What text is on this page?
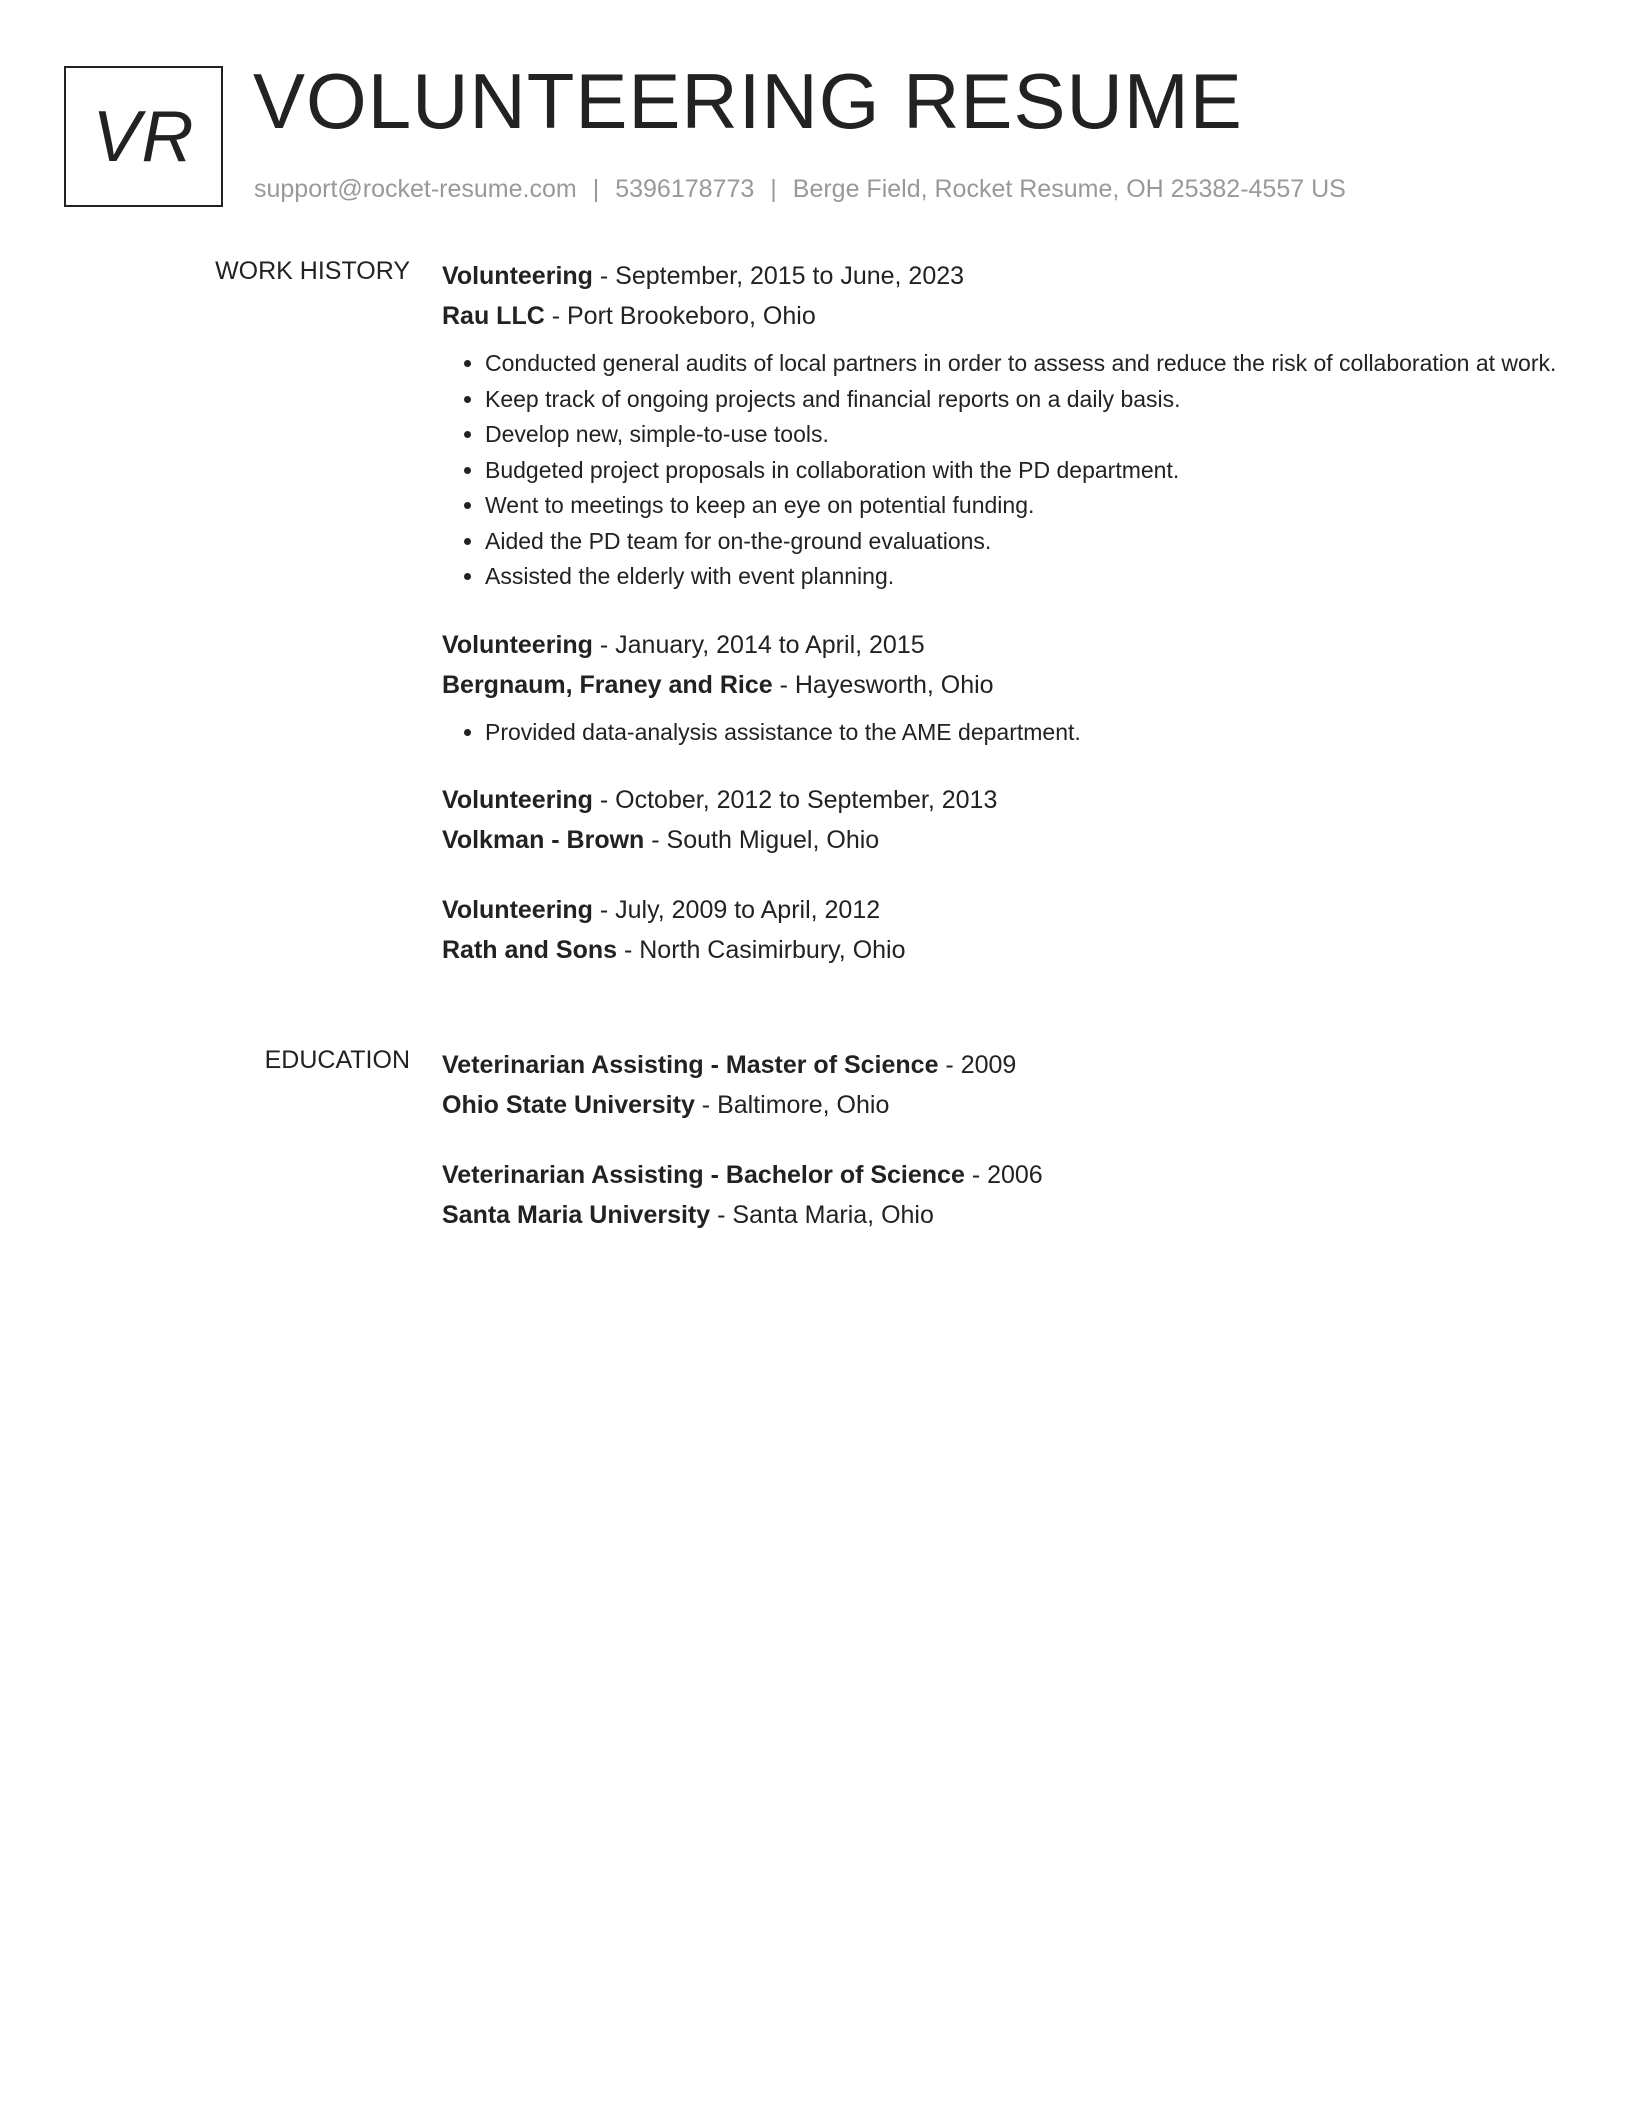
VR VOLUNTEERING RESUME
support@rocket-resume.com | 5396178773 | Berge Field, Rocket Resume, OH 25382-4557 US
WORK HISTORY Volunteering - September, 2015 to June, 2023
Rau LLC - Port Brookeboro, Ohio
• Conducted general audits of local partners in order to assess and reduce the risk of collaboration at work.
• Keep track of ongoing projects and financial reports on a daily basis.
• Develop new, simple-to-use tools.
• Budgeted project proposals in collaboration with the PD department.
• Went to meetings to keep an eye on potential funding.
• Aided the PD team for on-the-ground evaluations.
• Assisted the elderly with event planning.
Volunteering - January, 2014 to April, 2015
Bergnaum, Franey and Rice - Hayesworth, Ohio
• Provided data-analysis assistance to the AME department.
Volunteering - October, 2012 to September, 2013
Volkman - Brown - South Miguel, Ohio
Volunteering - July, 2009 to April, 2012
Rath and Sons - North Casimirbury, Ohio
EDUCATION Veterinarian Assisting - Master of Science - 2009
Ohio State University - Baltimore, Ohio
Veterinarian Assisting - Bachelor of Science - 2006
Santa Maria University - Santa Maria, Ohio
